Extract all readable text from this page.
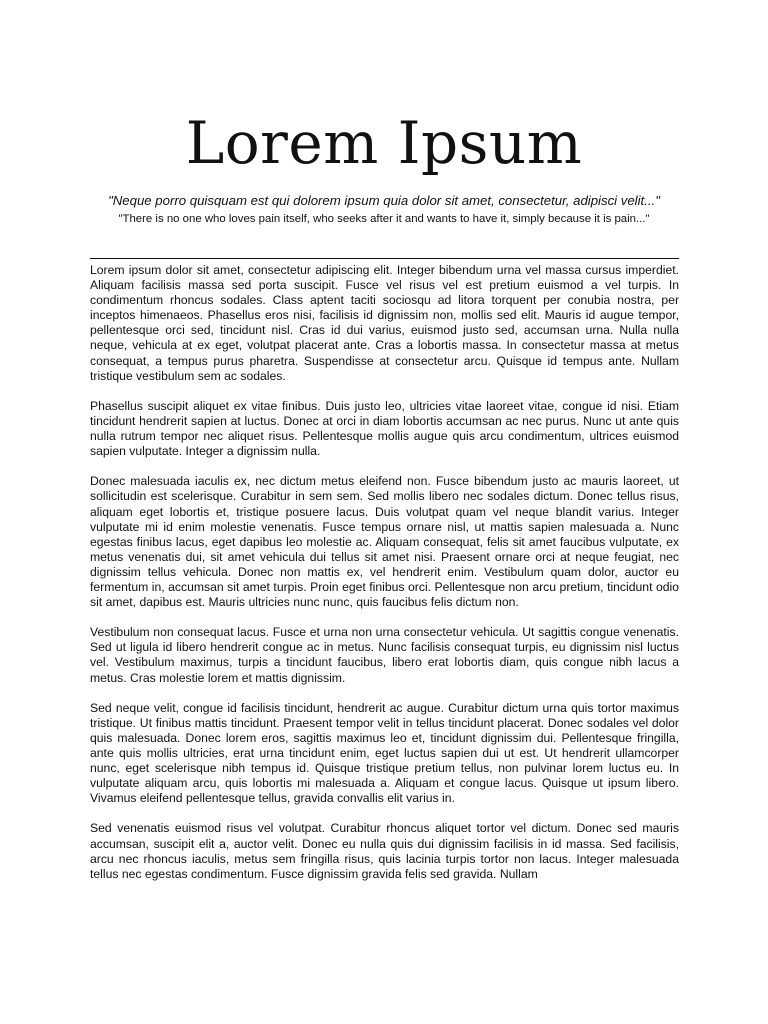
Lorem Ipsum

"Neque porro quisquam est qui dolorem ipsum quia dolor sit amet, consectetur, adipisci velit..."

"There is no one who loves pain itself, who seeks after it and wants to have it, simply because it is pain..."

Lorem ipsum dolor sit amet, consectetur adipiscing elit. Integer bibendum urna vel massa cursus imperdiet. Aliquam facilisis massa sed porta suscipit. Fusce vel risus vel est pretium euismod a vel turpis. In condimentum rhoncus sodales. Class aptent taciti sociosqu ad litora torquent per conubia nostra, per inceptos himenaeos. Phasellus eros nisi, facilisis id dignissim non, mollis sed elit. Mauris id augue tempor, pellentesque orci sed, tincidunt nisl. Cras id dui varius, euismod justo sed, accumsan urna. Nulla nulla neque, vehicula at ex eget, volutpat placerat ante. Cras a lobortis massa. In consectetur massa at metus consequat, a tempus purus pharetra. Suspendisse at consectetur arcu. Quisque id tempus ante. Nullam tristique vestibulum sem ac sodales.

Phasellus suscipit aliquet ex vitae finibus. Duis justo leo, ultricies vitae laoreet vitae, congue id nisi. Etiam tincidunt hendrerit sapien at luctus. Donec at orci in diam lobortis accumsan ac nec purus. Nunc ut ante quis nulla rutrum tempor nec aliquet risus. Pellentesque mollis augue quis arcu condimentum, ultrices euismod sapien vulputate. Integer a dignissim nulla.

Donec malesuada iaculis ex, nec dictum metus eleifend non. Fusce bibendum justo ac mauris laoreet, ut sollicitudin est scelerisque. Curabitur in sem sem. Sed mollis libero nec sodales dictum. Donec tellus risus, aliquam eget lobortis et, tristique posuere lacus. Duis volutpat quam vel neque blandit varius. Integer vulputate mi id enim molestie venenatis. Fusce tempus ornare nisl, ut mattis sapien malesuada a. Nunc egestas finibus lacus, eget dapibus leo molestie ac. Aliquam consequat, felis sit amet faucibus vulputate, ex metus venenatis dui, sit amet vehicula dui tellus sit amet nisi. Praesent ornare orci at neque feugiat, nec dignissim tellus vehicula. Donec non mattis ex, vel hendrerit enim. Vestibulum quam dolor, auctor eu fermentum in, accumsan sit amet turpis. Proin eget finibus orci. Pellentesque non arcu pretium, tincidunt odio sit amet, dapibus est. Mauris ultricies nunc nunc, quis faucibus felis dictum non.

Vestibulum non consequat lacus. Fusce et urna non urna consectetur vehicula. Ut sagittis congue venenatis. Sed ut ligula id libero hendrerit congue ac in metus. Nunc facilisis consequat turpis, eu dignissim nisl luctus vel. Vestibulum maximus, turpis a tincidunt faucibus, libero erat lobortis diam, quis congue nibh lacus a metus. Cras molestie lorem et mattis dignissim.

Sed neque velit, congue id facilisis tincidunt, hendrerit ac augue. Curabitur dictum urna quis tortor maximus tristique. Ut finibus mattis tincidunt. Praesent tempor velit in tellus tincidunt placerat. Donec sodales vel dolor quis malesuada. Donec lorem eros, sagittis maximus leo et, tincidunt dignissim dui. Pellentesque fringilla, ante quis mollis ultricies, erat urna tincidunt enim, eget luctus sapien dui ut est. Ut hendrerit ullamcorper nunc, eget scelerisque nibh tempus id. Quisque tristique pretium tellus, non pulvinar lorem luctus eu. In vulputate aliquam arcu, quis lobortis mi malesuada a. Aliquam et congue lacus. Quisque ut ipsum libero. Vivamus eleifend pellentesque tellus, gravida convallis elit varius in.

Sed venenatis euismod risus vel volutpat. Curabitur rhoncus aliquet tortor vel dictum. Donec sed mauris accumsan, suscipit elit a, auctor velit. Donec eu nulla quis dui dignissim facilisis in id massa. Sed facilisis, arcu nec rhoncus iaculis, metus sem fringilla risus, quis lacinia turpis tortor non lacus. Integer malesuada tellus nec egestas condimentum. Fusce dignissim gravida felis sed gravida. Nullam
